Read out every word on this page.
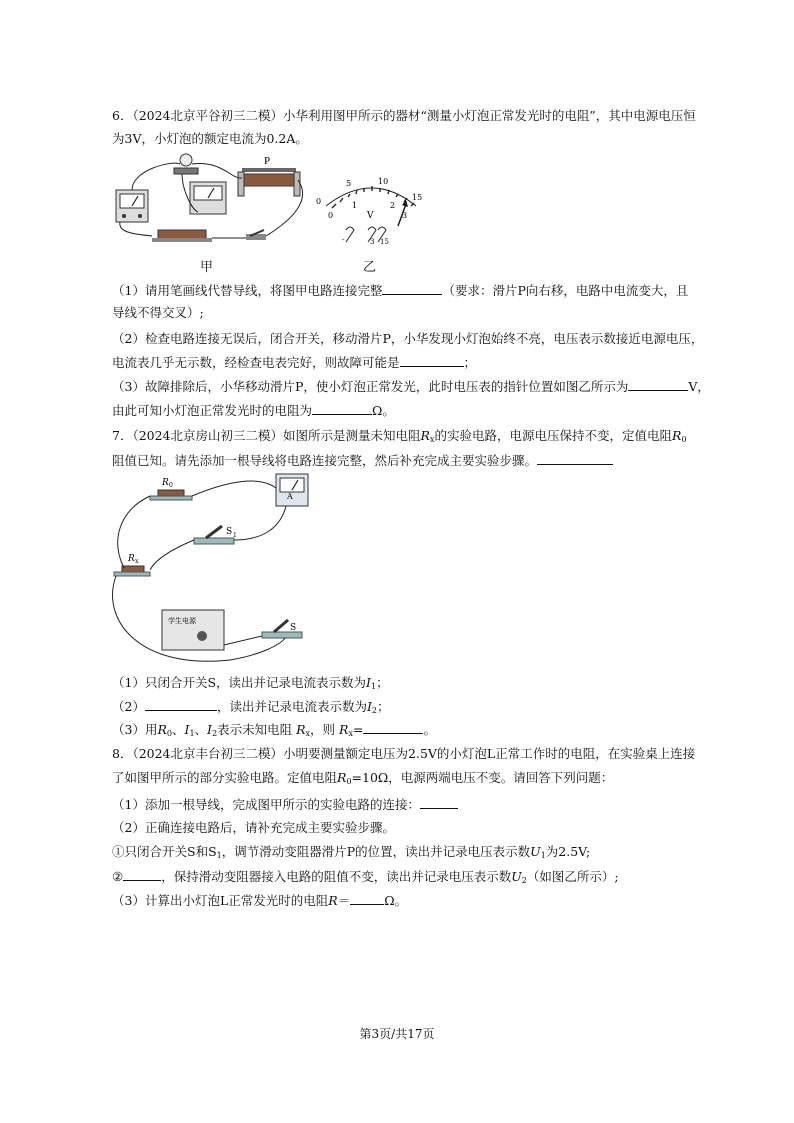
6．（2024北京平谷初三二模）小华利用图甲所示的器材“测量小灯泡正常发光时的电阻”，其中电源电压恒
为3V，小灯泡的额定电流为0.2A。
P
甲
0
5	10
15
0
1	2
3
V
-	3 15
乙
（1）请用笔画线代替导线，将图甲电路连接完整	（要求：滑片P向右移，电路中电流变大，且
导线不得交叉）;
（2）检查电路连接无误后，闭合开关，移动滑片P，小华发现小灯泡始终不亮，电压表示数接近电源电压，
电流表几乎无示数，经检查电表完好，则故障可能是	；
（3）故障排除后，小华移动滑片P，使小灯泡正常发光，此时电压表的指针位置如图乙所示为	V，
由此可知小灯泡正常发光时的电阻为	Ω。
7．（2024北京房山初三二模）如图所示是测量未知电阻$R_x$的实验电路，电源电压保持不变，定值电阻$R_0$
阻值已知。请先添加一根导线将电路连接完整，然后补充完成主要实验步骤。
R 0
A
S 1
R x
学生电源
S
（1）只闭合开关S，读出并记录电流表示数为$I_1$；
（2）	，读出并记录电流表示数为$I_2$；
（3）用$R_0$、$I_1$、$I_2$表示未知电阻 $R_x$，则 $R_x=$	。
8．（2024北京丰台初三二模）小明要测量额定电压为2.5V的小灯泡L正常工作时的电阻，在实验桌上连接
了如图甲所示的部分实验电路。定值电阻$R_0=10\Omega$，电源两端电压不变。请回答下列问题：
（1）添加一根导线，完成图甲所示的实验电路的连接：
（2）正确连接电路后，请补充完成主要实验步骤。
①只闭合开关S和$S_1$，调节滑动变阻器滑片P的位置，读出并记录电压表示数$U_1$为2.5V;
②	，保持滑动变阻器接入电路的阻值不变，读出并记录电压表示数$U_2$（如图乙所示）;
（3）计算出小灯泡L正常发光时的电阻R＝	Ω。
第3页/共17页
